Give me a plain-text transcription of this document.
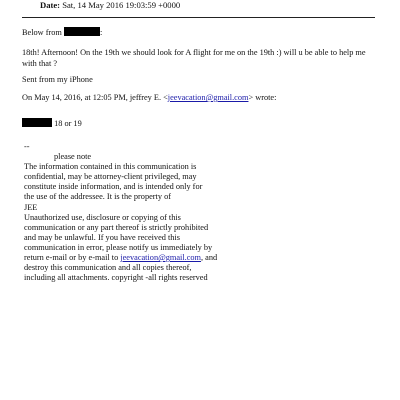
Date: Sat, 14 May 2016 19:03:59 +0000
Below from	:
18th! Afternoon! On the 19th we should look for A flight for me on the 19th :) will u be able to help me with that ?
Sent from my iPhone
On May 14, 2016, at 12:05 PM, jeffrey E. <jeevacation@gmail.com> wrote:
18 or 19
--
please note
The information contained in this communication is
confidential, may be attorney-client privileged, may
constitute inside information, and is intended only for
the use of the addressee. It is the property of
JEE
Unauthorized use, disclosure or copying of this
communication or any part thereof is strictly prohibited
and may be unlawful. If you have received this
communication in error, please notify us immediately by
return e-mail or by e-mail to jeevacation@gmail.com, and
destroy this communication and all copies thereof,
including all attachments. copyright -all rights reserved
